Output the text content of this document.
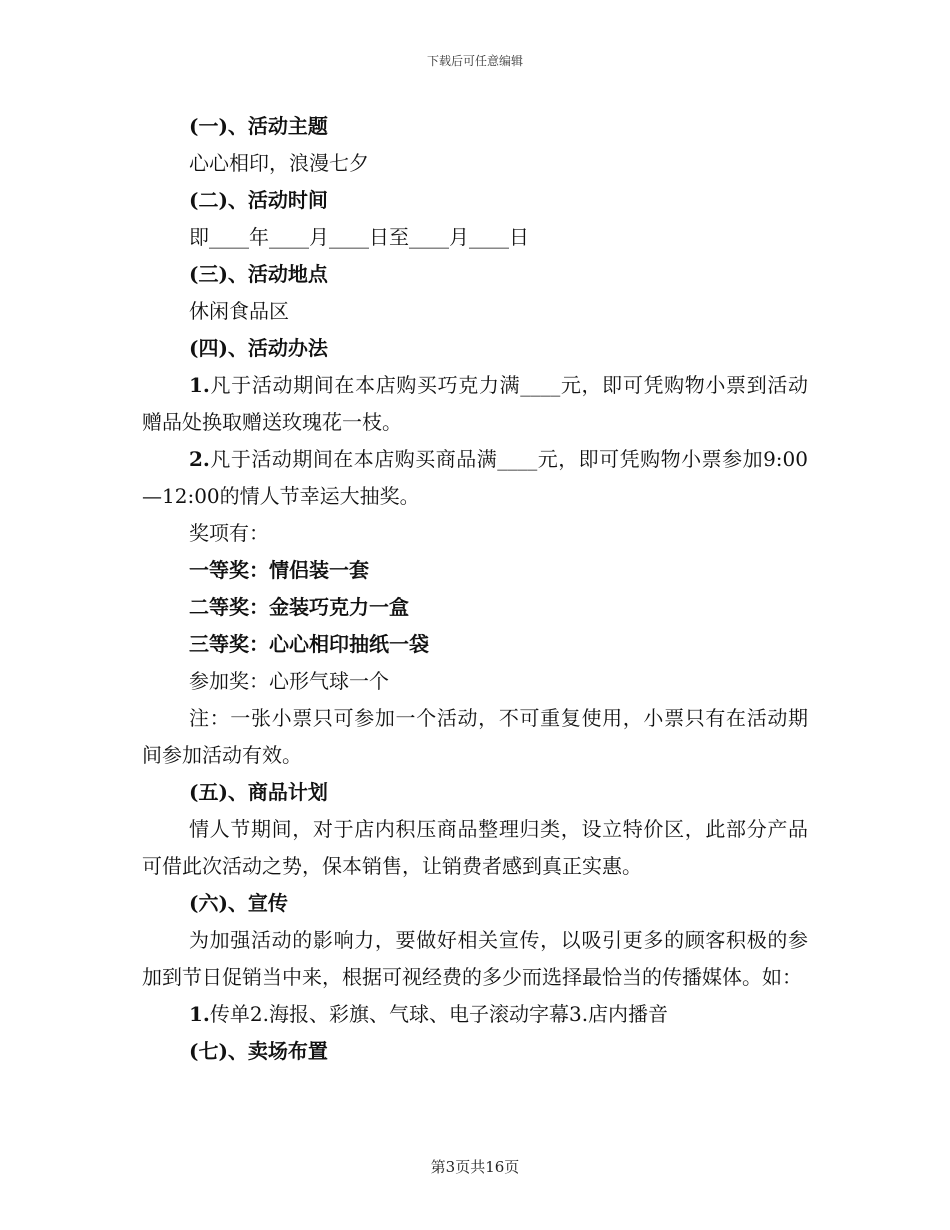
下载后可任意编辑

(一)、活动主题

心心相印，浪漫七夕

(二)、活动时间

即____年____月____日至____月____日

(三)、活动地点

休闲食品区

(四)、活动办法

1.凡于活动期间在本店购买巧克力满____元，即可凭购物小票到活动赠品处换取赠送玫瑰花一枝。

2.凡于活动期间在本店购买商品满____元，即可凭购物小票参加9:00—12:00的情人节幸运大抽奖。

奖项有：

一等奖：情侣装一套

二等奖：金装巧克力一盒

三等奖：心心相印抽纸一袋

参加奖：心形气球一个

注：一张小票只可参加一个活动，不可重复使用，小票只有在活动期间参加活动有效。

(五)、商品计划

情人节期间，对于店内积压商品整理归类，设立特价区，此部分产品可借此次活动之势，保本销售，让销费者感到真正实惠。

(六)、宣传

为加强活动的影响力，要做好相关宣传，以吸引更多的顾客积极的参加到节日促销当中来，根据可视经费的多少而选择最恰当的传播媒体。如：

1.传单2.海报、彩旗、气球、电子滚动字幕3.店内播音

(七)、卖场布置

第3页共16页
